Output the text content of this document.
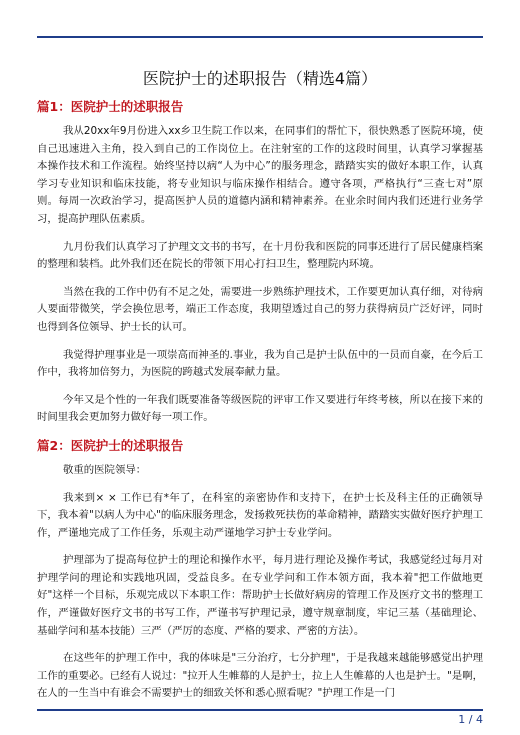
医院护士的述职报告（精选4篇）
篇1：医院护士的述职报告

我从20xx年9月份进入xx乡卫生院工作以来，在同事们的帮忙下，很快熟悉了医院环境，使自己迅速进入主角，投入到自己的工作岗位上。在注射室的工作的这段时间里，认真学习掌握基本操作技术和工作流程。始终坚持以病“人为中心”的服务理念，踏踏实实的做好本职工作，认真学习专业知识和临床技能，将专业知识与临床操作相结合。遵守各项，严格执行“三查七对”原则。每周一次政治学习，提高医护人员的道德内涵和精神素养。在业余时间内我们还进行业务学习，提高护理队伍素质。

九月份我们认真学习了护理文文书的书写，在十月份我和医院的同事还进行了居民健康档案的整理和装档。此外我们还在院长的带领下用心打扫卫生，整理院内环境。

当然在我的工作中仍有不足之处，需要进一步熟练护理技术，工作要更加认真仔细，对待病人要面带微笑，学会换位思考，端正工作态度，我期望透过自己的努力获得病员广泛好评，同时也得到各位领导、护士长的认可。

我觉得护理事业是一项崇高而神圣的.事业，我为自己是护士队伍中的一员而自豪，在今后工作中，我将加倍努力，为医院的跨越式发展奉献力量。

今年又是个性的一年我们既要准备等级医院的评审工作又要进行年终考核，所以在接下来的时间里我会更加努力做好每一项工作。

篇2：医院护士的述职报告

敬重的医院领导：

我来到× × 工作已有*年了，在科室的亲密协作和支持下，在护士长及科主任的正确领导下，我本着"以病人为中心"的临床服务理念，发扬救死扶伤的革命精神，踏踏实实做好医疗护理工作，严谨地完成了工作任务，乐观主动严谨地学习护士专业学问。

护理部为了提高每位护士的理论和操作水平，每月进行理论及操作考试，我感觉经过每月对护理学问的理论和实践地巩固，受益良多。在专业学问和工作本领方面，我本着"把工作做地更好"这样一个目标，乐观完成以下本职工作：帮助护士长做好病房的管理工作及医疗文书的整理工作，严谨做好医疗文书的书写工作，严谨书写护理记录，遵守规章制度，牢记三基（基础理论、基础学问和基本技能）三严（严厉的态度、严格的要求、严密的方法）。

在这些年的护理工作中，我的体味是"三分治疗，七分护理"，于是我越来越能够感觉出护理工作的重要必。已经有人说过："拉开人生帷幕的人是护士，拉上人生帷幕的人也是护士。"是啊，在人的一生当中有谁会不需要护士的细致关怀和悉心照看呢？"护理工作是一门

1 / 4
